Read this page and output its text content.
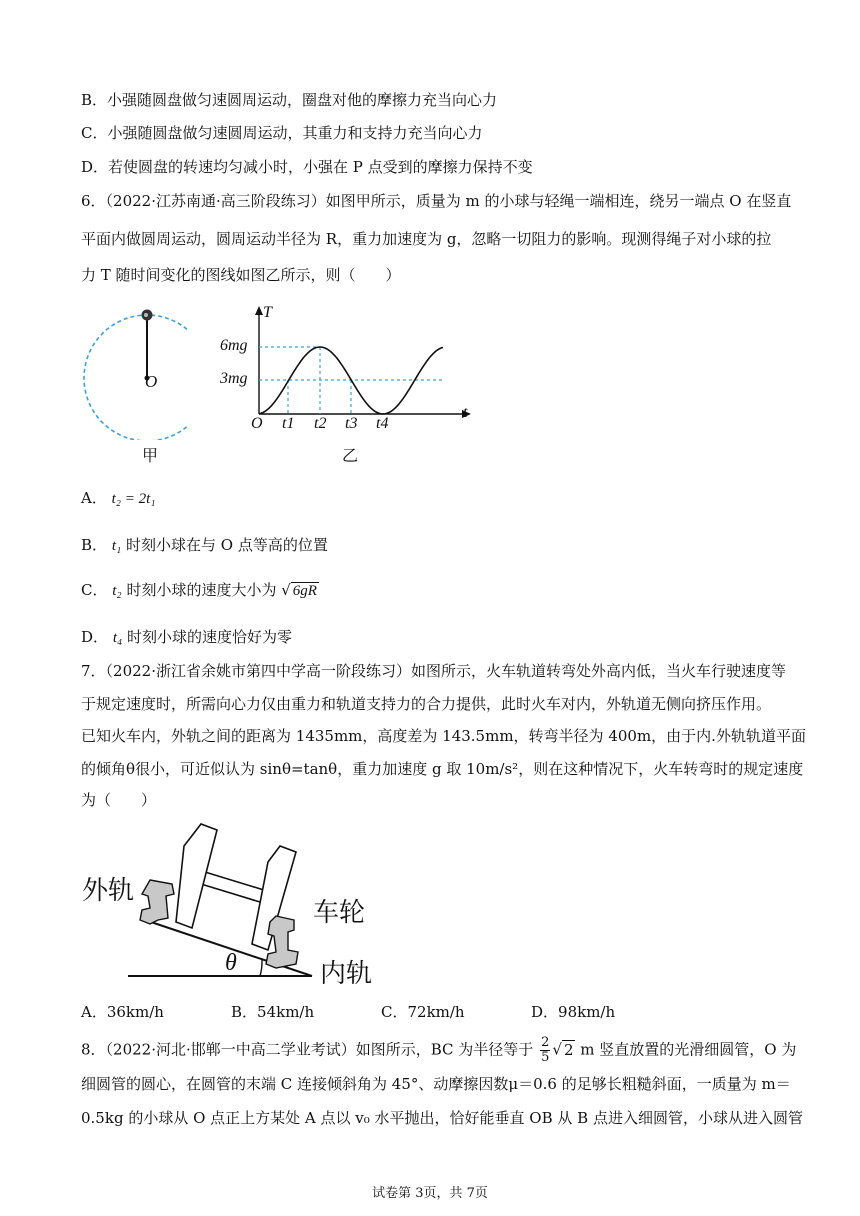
B．小强随圆盘做匀速圆周运动，圈盘对他的摩擦力充当向心力
C．小强随圆盘做匀速圆周运动，其重力和支持力充当向心力
D．若使圆盘的转速均匀减小时，小强在 P 点受到的摩擦力保持不变
6．（2022·江苏南通·高三阶段练习）如图甲所示，质量为 m 的小球与轻绳一端相连，绕另一端点 O 在竖直
平面内做圆周运动，圆周运动半径为 R，重力加速度为 g，忽略一切阻力的影响。现测得绳子对小球的拉
力 T 随时间变化的图线如图乙所示，则（　　）
O
甲
T
t
O
6mg
3mg
t1 t2 t3 t4
乙
A． t₂ = 2t₁
B． t₁ 时刻小球在与 O 点等高的位置
C． t₂ 时刻小球的速度大小为 √ 6gR
D． t₄ 时刻小球的速度恰好为零
7．（2022·浙江省余姚市第四中学高一阶段练习）如图所示，火车轨道转弯处外高内低，当火车行驶速度等
于规定速度时，所需向心力仅由重力和轨道支持力的合力提供，此时火车对内，外轨道无侧向挤压作用。
已知火车内，外轨之间的距离为 1435mm，高度差为 143.5mm，转弯半径为 400m，由于内.外轨轨道平面
的倾角θ很小，可近似认为 sinθ=tanθ，重力加速度 g 取 10m/s²，则在这种情况下，火车转弯时的规定速度
为（　　）
外轨
车轮
内轨
θ
A．36km/h	B．54km/h	C．72km/h	D．98km/h
8．（2022·河北·邯郸一中高二学业考试）如图所示，BC 为半径等于 $\frac{2}{5}$ √ 2 m 竖直放置的光滑细圆管，O 为
细圆管的圆心，在圆管的末端 C 连接倾斜角为 45°、动摩擦因数μ＝0.6 的足够长粗糙斜面，一质量为 m＝
0.5kg 的小球从 O 点正上方某处 A 点以 v₀ 水平抛出，恰好能垂直 OB 从 B 点进入细圆管，小球从进入圆管
试卷第 3页，共 7页
